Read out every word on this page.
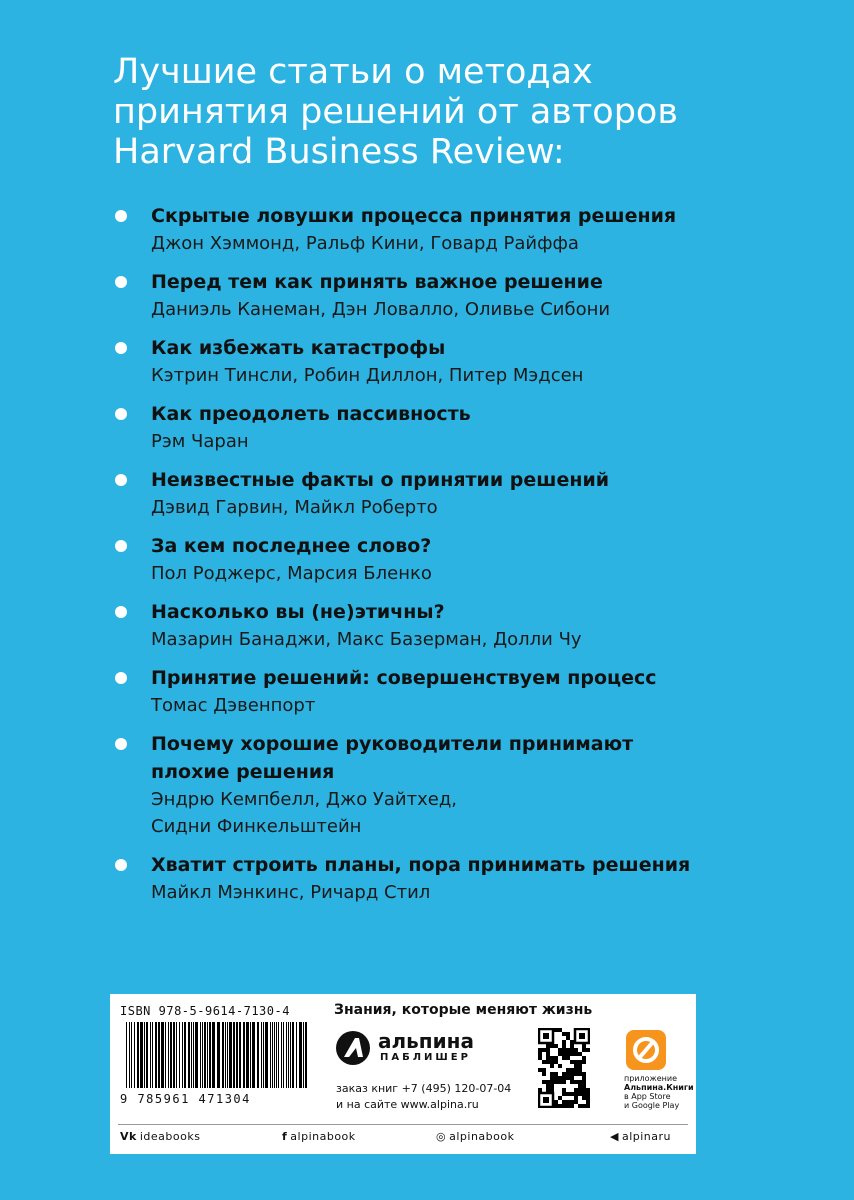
Лучшие статьи о методах
принятия решений от авторов
Harvard Business Review:
Скрытые ловушки процесса принятия решения
Джон Хэммонд, Ральф Кини, Говард Райффа
Перед тем как принять важное решение
Даниэль Канеман, Дэн Ловалло, Оливье Сибони
Как избежать катастрофы
Кэтрин Тинсли, Робин Диллон, Питер Мэдсен
Как преодолеть пассивность
Рэм Чаран
Неизвестные факты о принятии решений
Дэвид Гарвин, Майкл Роберто
За кем последнее слово?
Пол Роджерс, Марсия Бленко
Насколько вы (не)этичны?
Мазарин Банаджи, Макс Базерман, Долли Чу
Принятие решений: совершенствуем процесс
Томас Дэвенпорт
Почему хорошие руководители принимают
плохие решения
Эндрю Кемпбелл, Джо Уайтхед,
Сидни Финкельштейн
Хватит строить планы, пора принимать решения
Майкл Мэнкинс, Ричард Стил
ISBN 978-5-9614-7130-4
9 785961 471304
Знания, которые меняют жизнь
альпина
ПАБЛИШЕР
заказ книг +7 (495) 120-07-04
и на сайте www.alpina.ru
приложение
Альпина.Книги
в App Store
и Google Play
Vk ideabooks	f alpinabook	◎ alpinabook	◀ alpinaru
